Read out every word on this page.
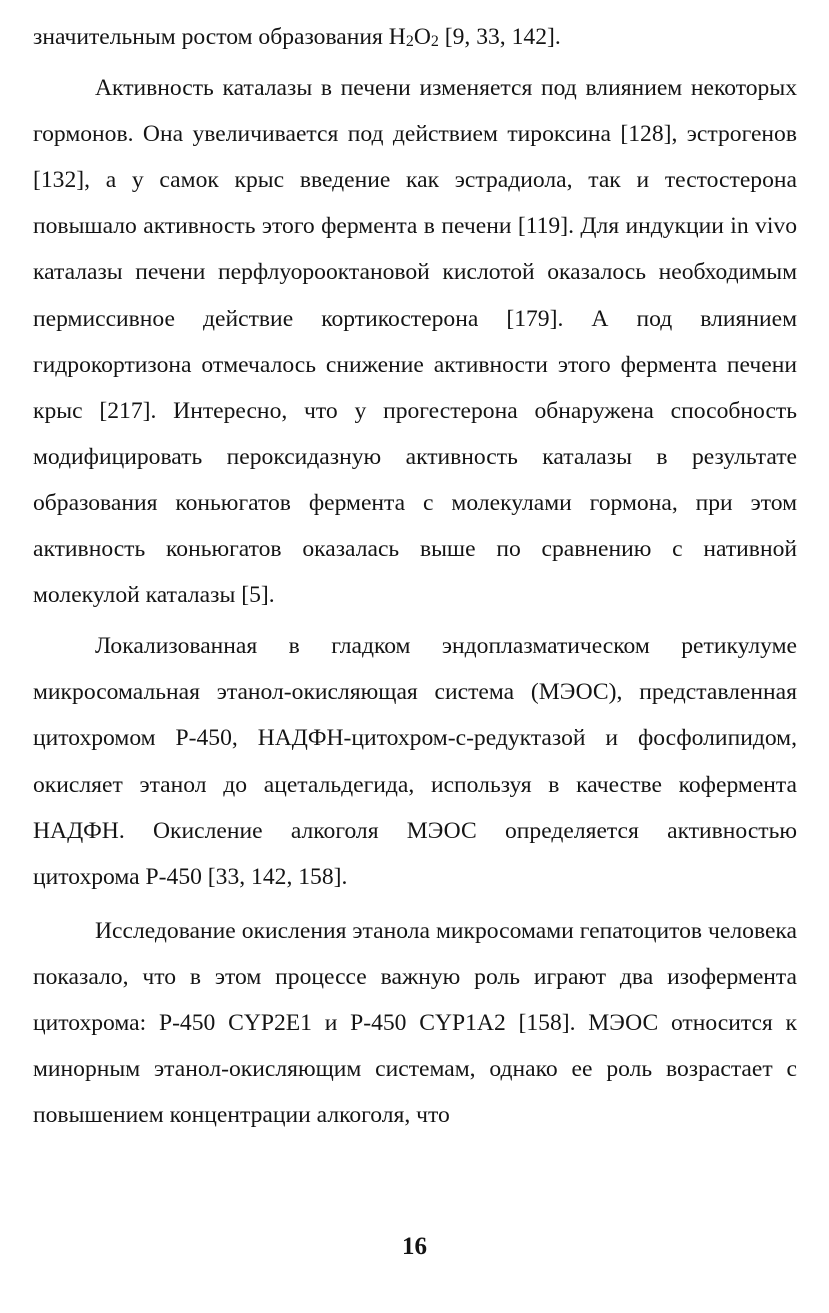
значительным ростом образования $H_2O_2$ [9, 33, 142].

Активность каталазы в печени изменяется под влиянием некоторых гормонов. Она увеличивается под действием тироксина [128], эстрогенов [132], а у самок крыс введение как эстрадиола, так и тестостерона повышало активность этого фермента в печени [119]. Для индукции in vivo каталазы печени перфлуорооктановой кислотой оказалось необходимым пермиссивное действие кортикостерона [179]. А под влиянием гидрокортизона отмечалось снижение активности этого фермента печени крыс [217]. Интересно, что у прогестерона обнаружена способность модифицировать пероксидазную активность каталазы в результате образования коньюгатов фермента с молекулами гормона, при этом активность коньюгатов оказалась выше по сравнению с нативной молекулой каталазы [5].

Локализованная в гладком эндоплазматическом ретикулуме микросомальная этанол-окисляющая система (МЭОС), представленная цитохромом Р-450, НАДФН-цитохром-с-редуктазой и фосфолипидом, окисляет этанол до ацетальдегида, используя в качестве кофермента НАДФН. Окисление алкоголя МЭОС определяется активностью цитохрома Р-450 [33, 142, 158].

Исследование окисления этанола микросомами гепатоцитов человека показало, что в этом процессе важную роль играют два изофермента цитохрома: Р-450 CYP2E1 и Р-450 CYP1A2 [158]. МЭОС относится к минорным этанол-окисляющим системам, однако ее роль возрастает с повышением концентрации алкоголя, что

16
